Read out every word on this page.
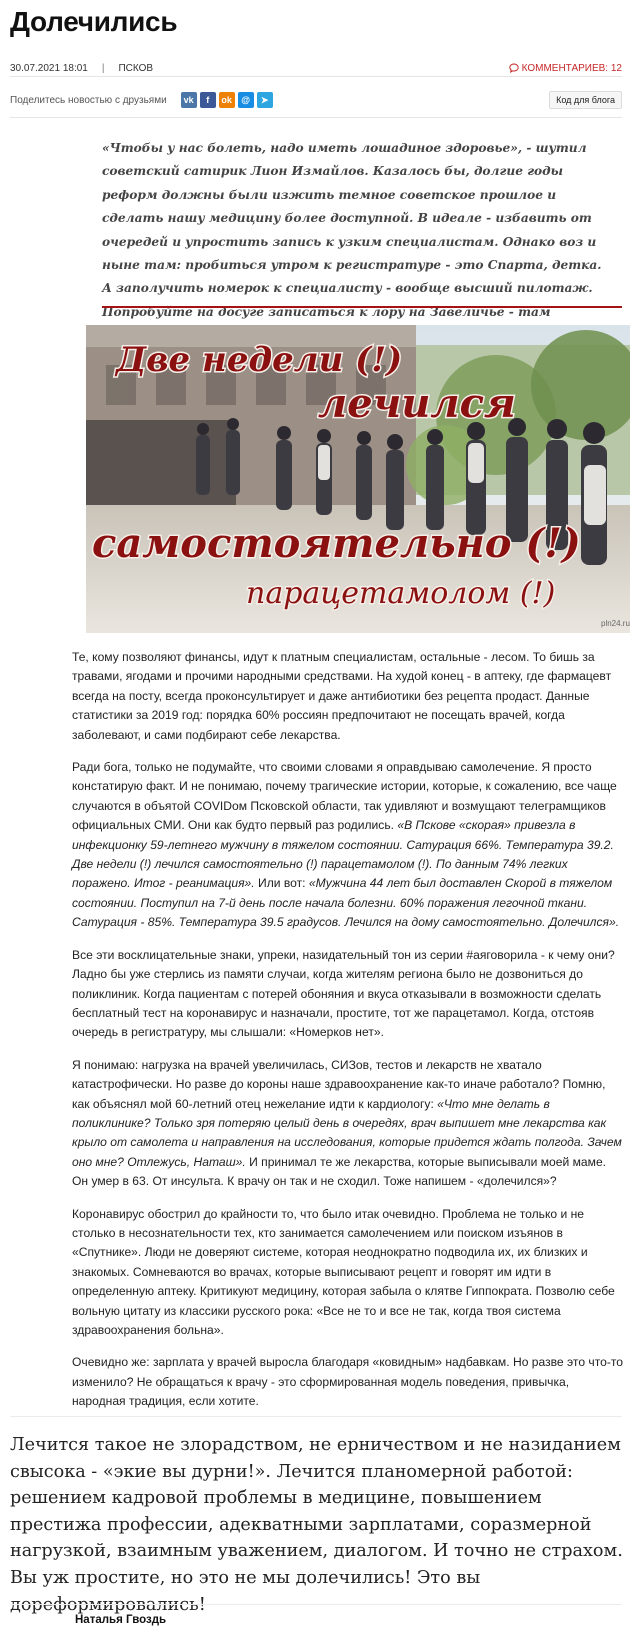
Долечились
30.07.2021 18:01 | ПСКОВ	КОММЕНТАРИЕВ: 12
Поделитесь новостью с друзьями	vk	f	ok	@	➤	Код для блога

«Чтобы у нас болеть, надо иметь лошадиное здоровье», - шутил советский сатирик Лион Измайлов. Казалось бы, долгие годы реформ должны были изжить темное советское прошлое и сделать нашу медицину более доступной. В идеале - избавить от очередей и упростить запись к узким специалистам. Однако воз и ныне там: пробиться утром к регистратуре - это Спарта, детка. А заполучить номерок к специалисту - вообще высший пилотаж. Попробуйте на досуге записаться к лору на Завеличье - там

Две недели (!)
лечился
самостоятельно (!)
парацетамолом (!)
pln24.ru

Те, кому позволяют финансы, идут к платным специалистам, остальные - лесом. То бишь за травами, ягодами и прочими народными средствами. На худой конец - в аптеку, где фармацевт всегда на посту, всегда проконсультирует и даже антибиотики без рецепта продаст. Данные статистики за 2019 год: порядка 60% россиян предпочитают не посещать врачей, когда заболевают, и сами подбирают себе лекарства.

Ради бога, только не подумайте, что своими словами я оправдываю самолечение. Я просто констатирую факт. И не понимаю, почему трагические истории, которые, к сожалению, все чаще случаются в объятой COVIDом Псковской области, так удивляют и возмущают телеграмщиков официальных СМИ. Они как будто первый раз родились. «В Пскове «скорая» привезла в инфекционку 59-летнего мужчину в тяжелом состоянии. Сатурация 66%. Температура 39.2. Две недели (!) лечился самостоятельно (!) парацетамолом (!). По данным 74% легких поражено. Итог - реанимация». Или вот: «Мужчина 44 лет был доставлен Скорой в тяжелом состоянии. Поступил на 7-й день после начала болезни. 60% поражения легочной ткани. Сатурация - 85%. Температура 39.5 градусов. Лечился на дому самостоятельно. Долечился».

Все эти восклицательные знаки, упреки, назидательный тон из серии #аяговорила - к чему они? Ладно бы уже стерлись из памяти случаи, когда жителям региона было не дозвониться до поликлиник. Когда пациентам с потерей обоняния и вкуса отказывали в возможности сделать бесплатный тест на коронавирус и назначали, простите, тот же парацетамол. Когда, отстояв очередь в регистратуру, мы слышали: «Номерков нет».

Я понимаю: нагрузка на врачей увеличилась, СИЗов, тестов и лекарств не хватало катастрофически. Но разве до короны наше здравоохранение как-то иначе работало? Помню, как объяснял мой 60-летний отец нежелание идти к кардиологу: «Что мне делать в поликлинике? Только зря потеряю целый день в очередях, врач выпишет мне лекарства как крыло от самолета и направления на исследования, которые придется ждать полгода. Зачем оно мне? Отлежусь, Наташ». И принимал те же лекарства, которые выписывали моей маме. Он умер в 63. От инсульта. К врачу он так и не сходил. Тоже напишем - «долечился»?

Коронавирус обострил до крайности то, что было итак очевидно. Проблема не только и не столько в несознательности тех, кто занимается самолечением или поиском изъянов в «Спутнике». Люди не доверяют системе, которая неоднократно подводила их, их близких и знакомых. Сомневаются во врачах, которые выписывают рецепт и говорят им идти в определенную аптеку. Критикуют медицину, которая забыла о клятве Гиппократа. Позволю себе вольную цитату из классики русского рока: «Все не то и все не так, когда твоя система здравоохранения больна».

Очевидно же: зарплата у врачей выросла благодаря «ковидным» надбавкам. Но разве это что-то изменило? Не обращаться к врачу - это сформированная модель поведения, привычка, народная традиция, если хотите.

Лечится такое не злорадством, не ерничеством и не назиданием свысока - «экие вы дурни!». Лечится планомерной работой: решением кадровой проблемы в медицине, повышением престижа профессии, адекватными зарплатами, соразмерной нагрузкой, взаимным уважением, диалогом. И точно не страхом. Вы уж простите, но это не мы долечились! Это вы дореформировались!

Наталья Гвоздь
